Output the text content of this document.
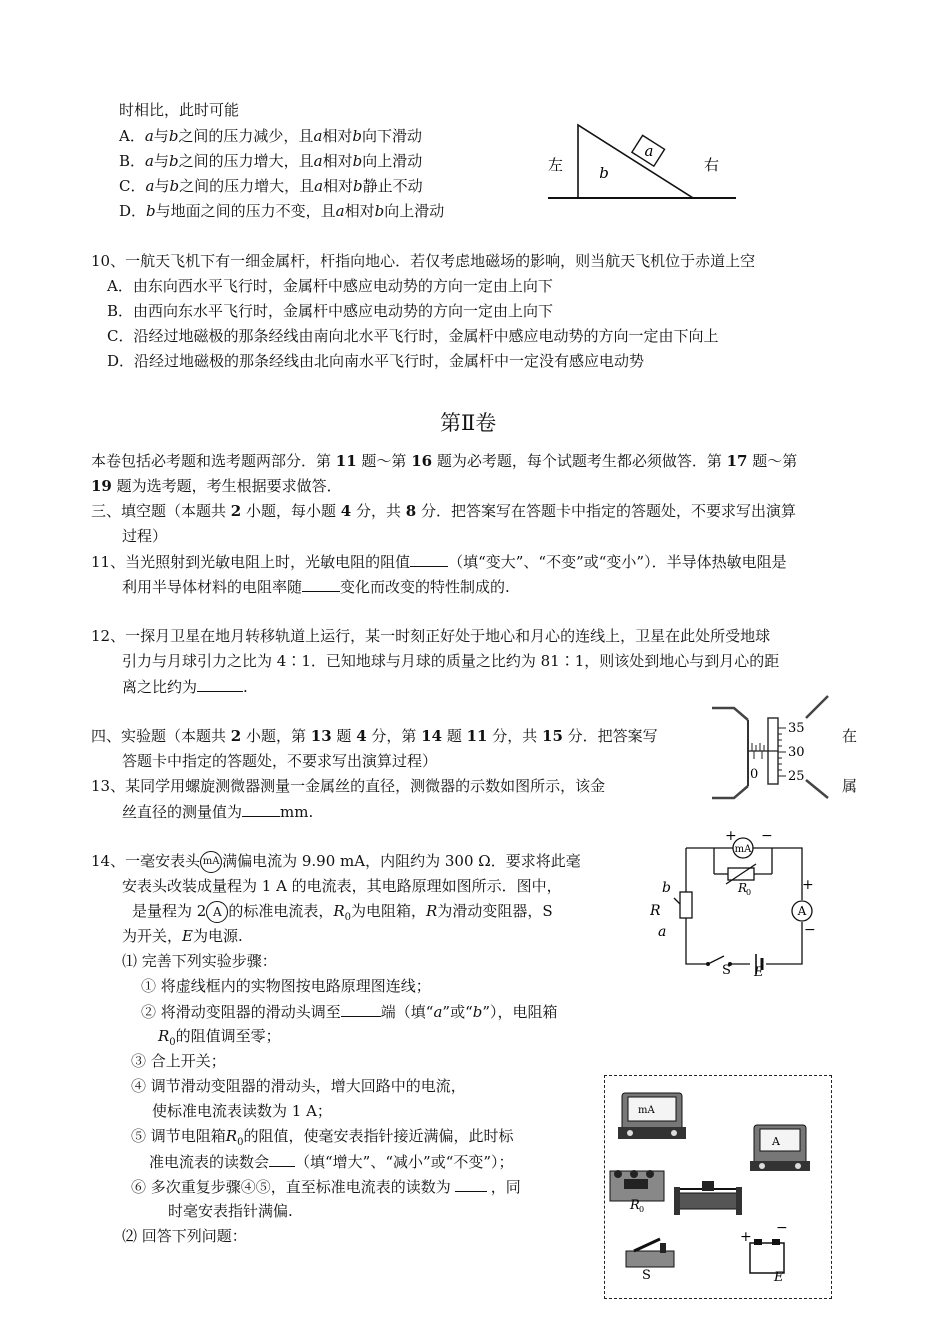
时相比，此时可能
A．a与b之间的压力减少，且a相对b向下滑动
B．a与b之间的压力增大，且a相对b向上滑动
C．a与b之间的压力增大，且a相对b静止不动
D．b与地面之间的压力不变，且a相对b向上滑动
a
b
左	右
10、一航天飞机下有一细金属杆，杆指向地心．若仅考虑地磁场的影响，则当航天飞机位于赤道上空
A．由东向西水平飞行时，金属杆中感应电动势的方向一定由上向下
B．由西向东水平飞行时，金属杆中感应电动势的方向一定由上向下
C．沿经过地磁极的那条经线由南向北水平飞行时，金属杆中感应电动势的方向一定由下向上
D．沿经过地磁极的那条经线由北向南水平飞行时，金属杆中一定没有感应电动势
第Ⅱ卷
本卷包括必考题和选考题两部分．第 11 题～第 16 题为必考题，每个试题考生都必须做答．第 17 题～第
19 题为选考题，考生根据要求做答．
三、填空题（本题共 2 小题，每小题 4 分，共 8 分．把答案写在答题卡中指定的答题处，不要求写出演算
过程）
11、当光照射到光敏电阻上时，光敏电阻的阻值	（填“变大”、“不变”或“变小”）．半导体热敏电阻是
利用半导体材料的电阻率随	变化而改变的特性制成的.
12、一探月卫星在地月转移轨道上运行，某一时刻正好处于地心和月心的连线上，卫星在此处所受地球
引力与月球引力之比为 4∶1．已知地球与月球的质量之比约为 81∶1，则该处到地心与到月心的距
离之比约为	.
四、实验题（本题共 2 小题，第 13 题 4 分，第 14 题 11 分，共 15 分．把答案写	在
答题卡中指定的答题处，不要求写出演算过程）
13、某同学用螺旋测微器测量一金属丝的直径，测微器的示数如图所示，该金	属
丝直径的测量值为	mm.
35
30
25
0
14、一毫安表头 mA 满偏电流为 9.90 mA，内阻约为 300 Ω．要求将此毫
安表头改装成量程为 1 A 的电流表，其电路原理如图所示．图中，
是量程为 2 A 的标准电流表，$R_0$为电阻箱，R为滑动变阻器，S
为开关，E为电源.
⑴ 完善下列实验步骤：
① 将虚线框内的实物图按电路原理图连线；
② 将滑动变阻器的滑动头调至	端（填“a”或“b”），电阻箱
$R_0$的阻值调至零；
③ 合上开关；
④ 调节滑动变阻器的滑动头，增大回路中的电流，
使标准电流表读数为 1 A；
⑤ 调节电阻箱$R_0$的阻值，使毫安表指针接近满偏，此时标
准电流表的读数会 （填“增大”、“减小”或“不变”）；
⑥ 多次重复步骤④⑤，直至标准电流表的读数为	，同
时毫安表指针满偏.
⑵ 回答下列问题：
+ −
mA
R
0
A
+
−
b
R
a
S E
mA
A
R 0
S
+
−
E
